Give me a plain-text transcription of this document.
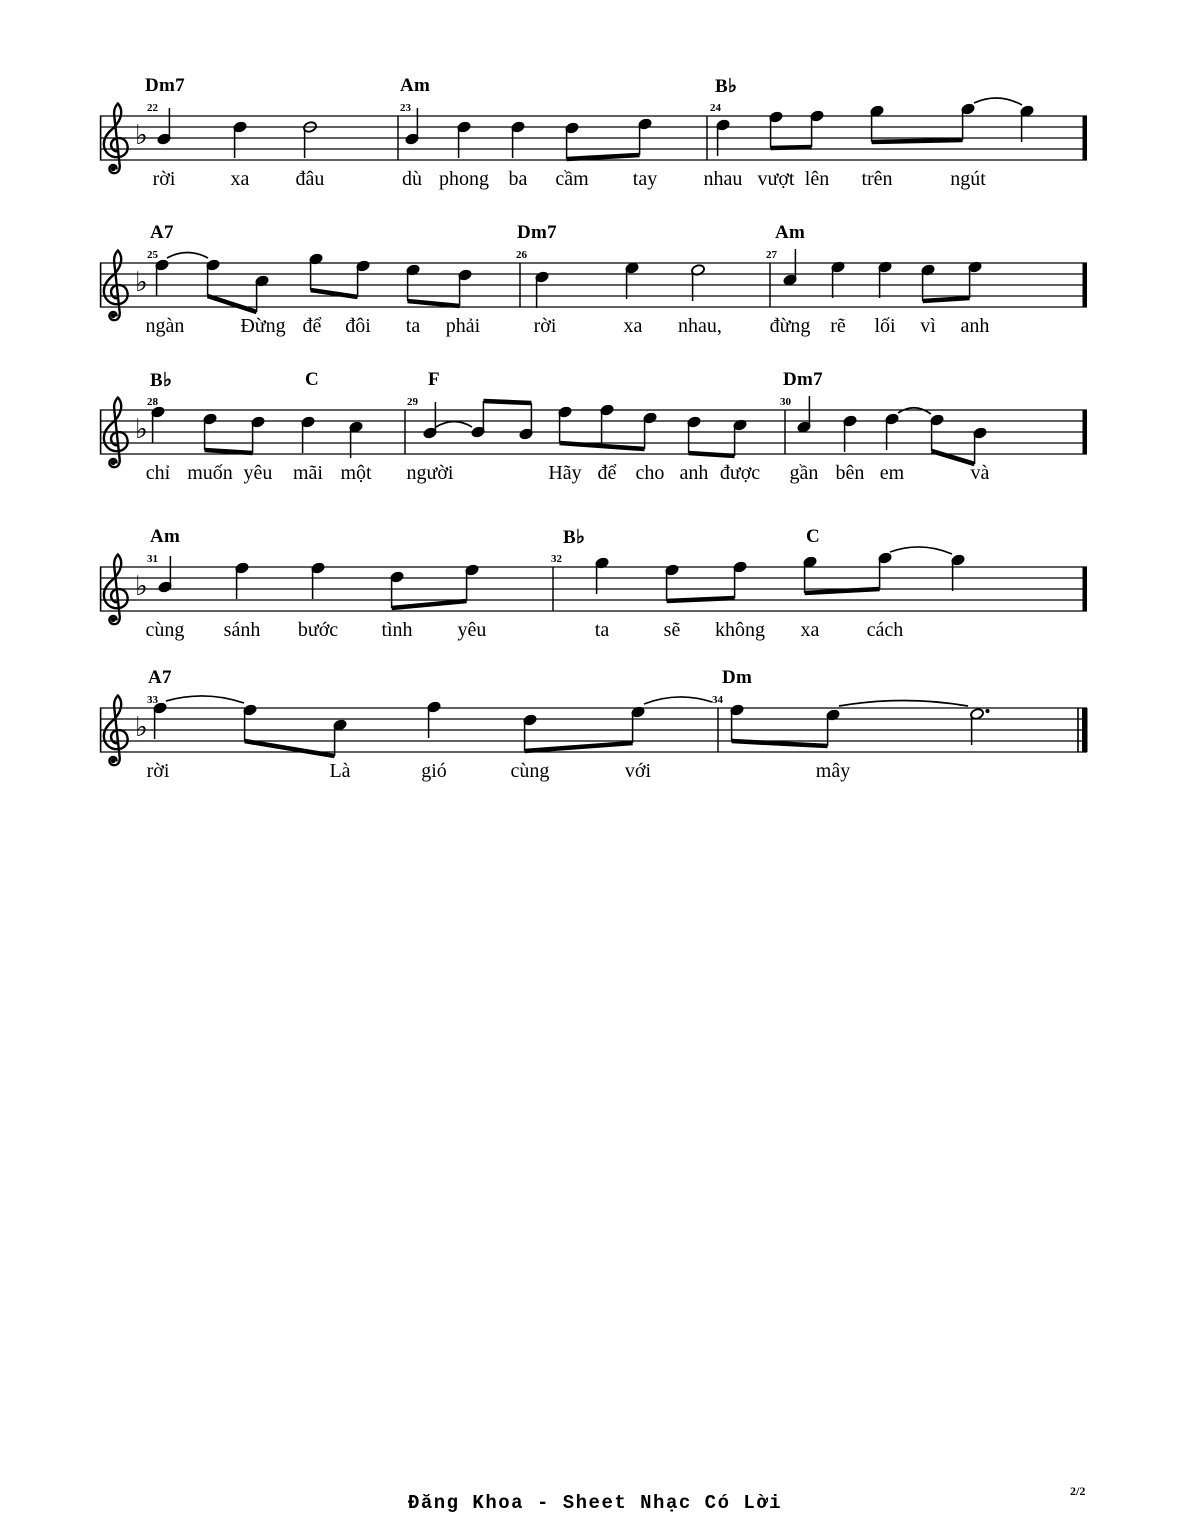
♭
♭
♭
♭
♭
Dm7	Am	B♭
22	23	24
rời	xa đâu	dù phong ba cầm tay nhau vượt lên trên	ngút
A7	Dm7	Am
25	26	27
ngàn	Đừng để đôi ta phải	rời	xa nhau, đừng rẽ lối vì anh
B♭	C	F	Dm7
28	29	30
chỉ muốn yêu mãi một người	Hãy để cho anh được gần bên em	và
Am	B♭	C
31	32
cùng sánh bước tình yêu	ta	sẽ không xa cách
A7	Dm
33	34
rời	Là	gió	cùng	với	mây
Đăng Khoa - Sheet Nhạc Có Lời
2/2
